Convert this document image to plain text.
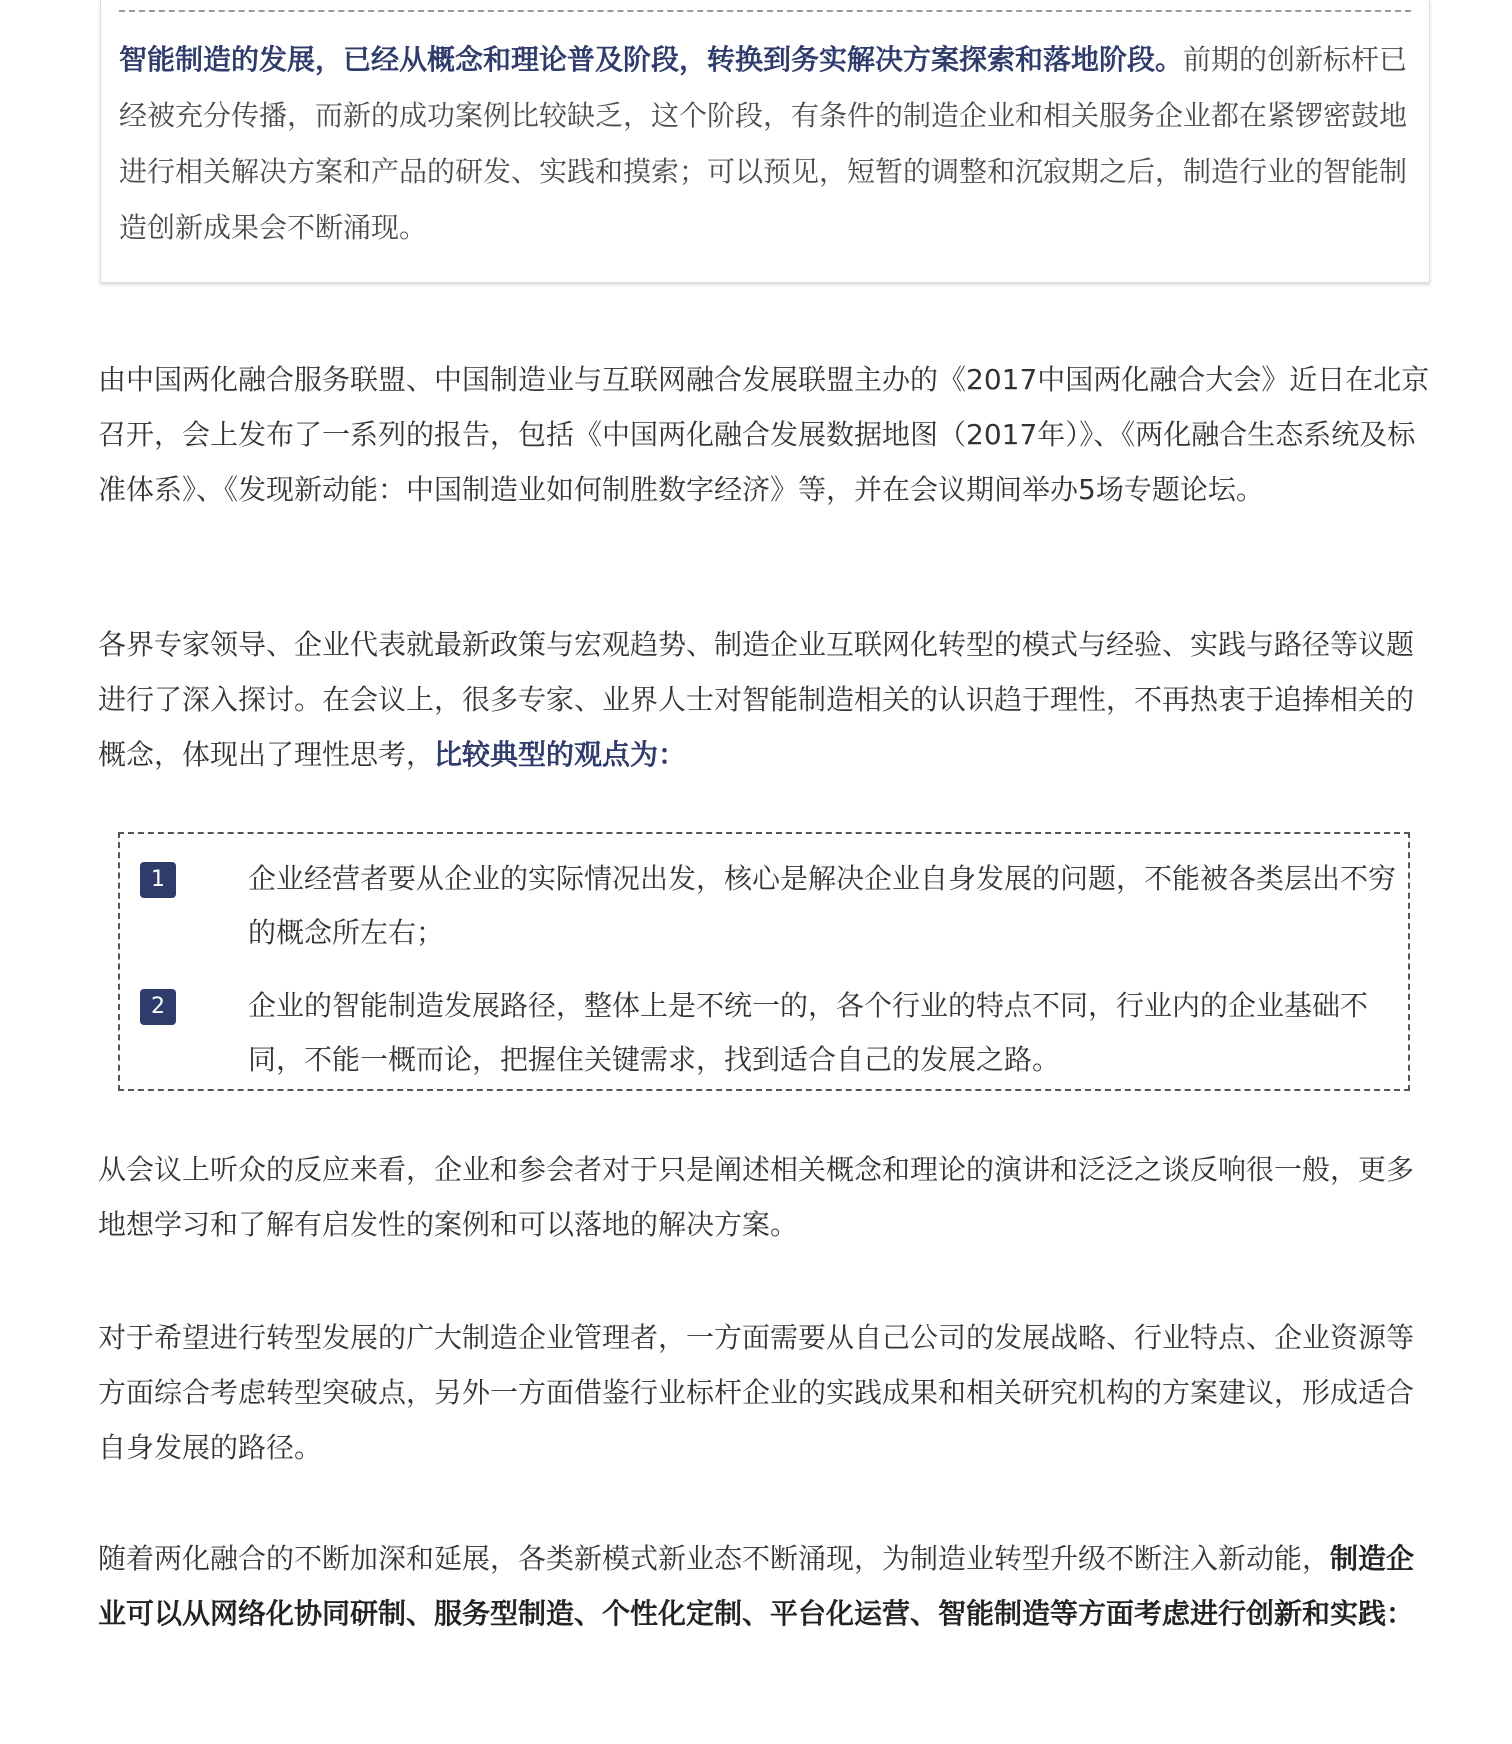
智能制造的发展，已经从概念和理论普及阶段，转换到务实解决方案探索和落地阶段。前期的创新标杆已经被充分传播，而新的成功案例比较缺乏，这个阶段，有条件的制造企业和相关服务企业都在紧锣密鼓地进行相关解决方案和产品的研发、实践和摸索；可以预见，短暂的调整和沉寂期之后，制造行业的智能制造创新成果会不断涌现。

由中国两化融合服务联盟、中国制造业与互联网融合发展联盟主办的《2017中国两化融合大会》近日在北京召开，会上发布了一系列的报告，包括《中国两化融合发展数据地图（2017年）》、《两化融合生态系统及标准体系》、《发现新动能：中国制造业如何制胜数字经济》等，并在会议期间举办5场专题论坛。

各界专家领导、企业代表就最新政策与宏观趋势、制造企业互联网化转型的模式与经验、实践与路径等议题进行了深入探讨。在会议上，很多专家、业界人士对智能制造相关的认识趋于理性，不再热衷于追捧相关的概念，体现出了理性思考，比较典型的观点为：

1	企业经营者要从企业的实际情况出发，核心是解决企业自身发展的问题，不能被各类层出不穷的概念所左右；

2	企业的智能制造发展路径，整体上是不统一的，各个行业的特点不同，行业内的企业基础不同，不能一概而论，把握住关键需求，找到适合自己的发展之路。

从会议上听众的反应来看，企业和参会者对于只是阐述相关概念和理论的演讲和泛泛之谈反响很一般，更多地想学习和了解有启发性的案例和可以落地的解决方案。

对于希望进行转型发展的广大制造企业管理者，一方面需要从自己公司的发展战略、行业特点、企业资源等方面综合考虑转型突破点，另外一方面借鉴行业标杆企业的实践成果和相关研究机构的方案建议，形成适合自身发展的路径。

随着两化融合的不断加深和延展，各类新模式新业态不断涌现，为制造业转型升级不断注入新动能，制造企业可以从网络化协同研制、服务型制造、个性化定制、平台化运营、智能制造等方面考虑进行创新和实践：
